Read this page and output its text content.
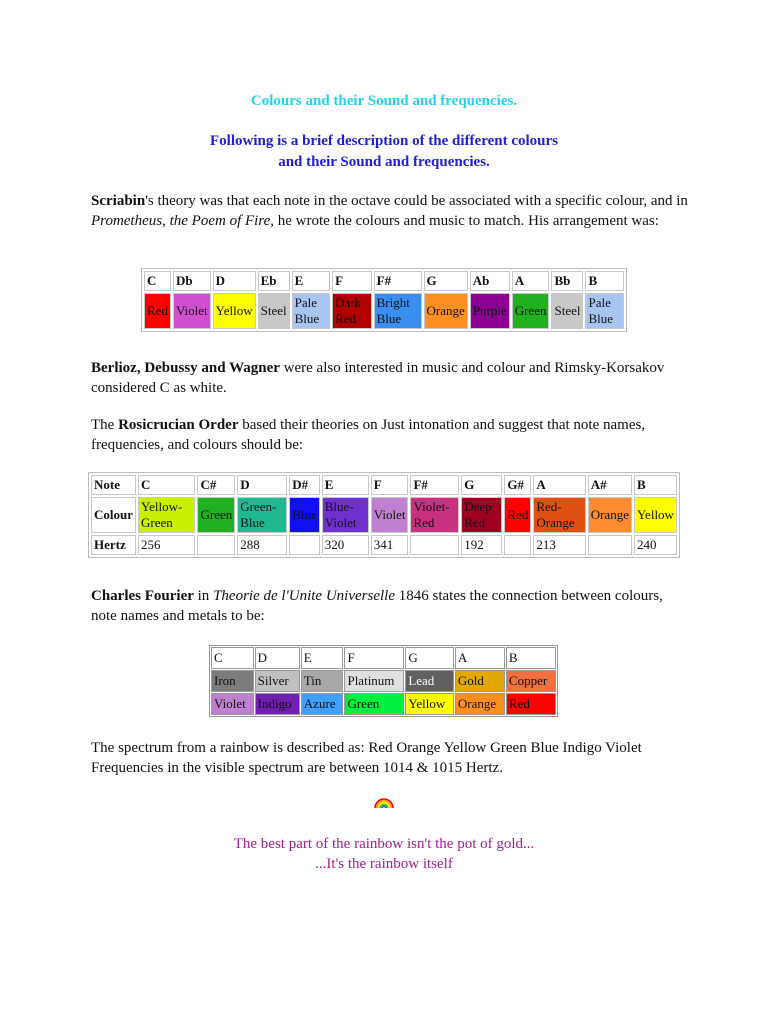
Colours and their Sound and frequencies.
Following is a brief description of the different colours
and their Sound and frequencies.
Scriabin's theory was that each note in the octave could be associated with a specific colour, and in Prometheus, the Poem of Fire, he wrote the colours and music to match. His arrangement was:
C	Db	D	Eb	E	F	F#	G	Ab	A	Bb	B
Red	Violet	Yellow	Steel	Pale Blue	Dark Red	Bright Blue	Orange	Purple	Green	Steel	Pale Blue
Berlioz, Debussy and Wagner were also interested in music and colour and Rimsky-Korsakov considered C as white.
The Rosicrucian Order based their theories on Just intonation and suggest that note names, frequencies, and colours should be:
Note	C	C#	D	D#	E	F	F#	G	G#	A	A#	B
Colour	Yellow-Green	Green	Green-Blue	Blue	Blue-Violet	Violet	Violet-Red	Deep Red	Red	Red-Orange	Orange	Yellow
Hertz	256		288		320	341		192		213		240
Charles Fourier in Theorie de l'Unite Universelle 1846 states the connection between colours, note names and metals to be:
C	D	E	F	G	A	B
Iron	Silver	Tin	Platinum	Lead	Gold	Copper
Violet	Indigo	Azure	Green	Yellow	Orange	Red
The spectrum from a rainbow is described as: Red Orange Yellow Green Blue Indigo Violet Frequencies in the visible spectrum are between 1014 & 1015 Hertz.
The best part of the rainbow isn't the pot of gold...
...It's the rainbow itself
